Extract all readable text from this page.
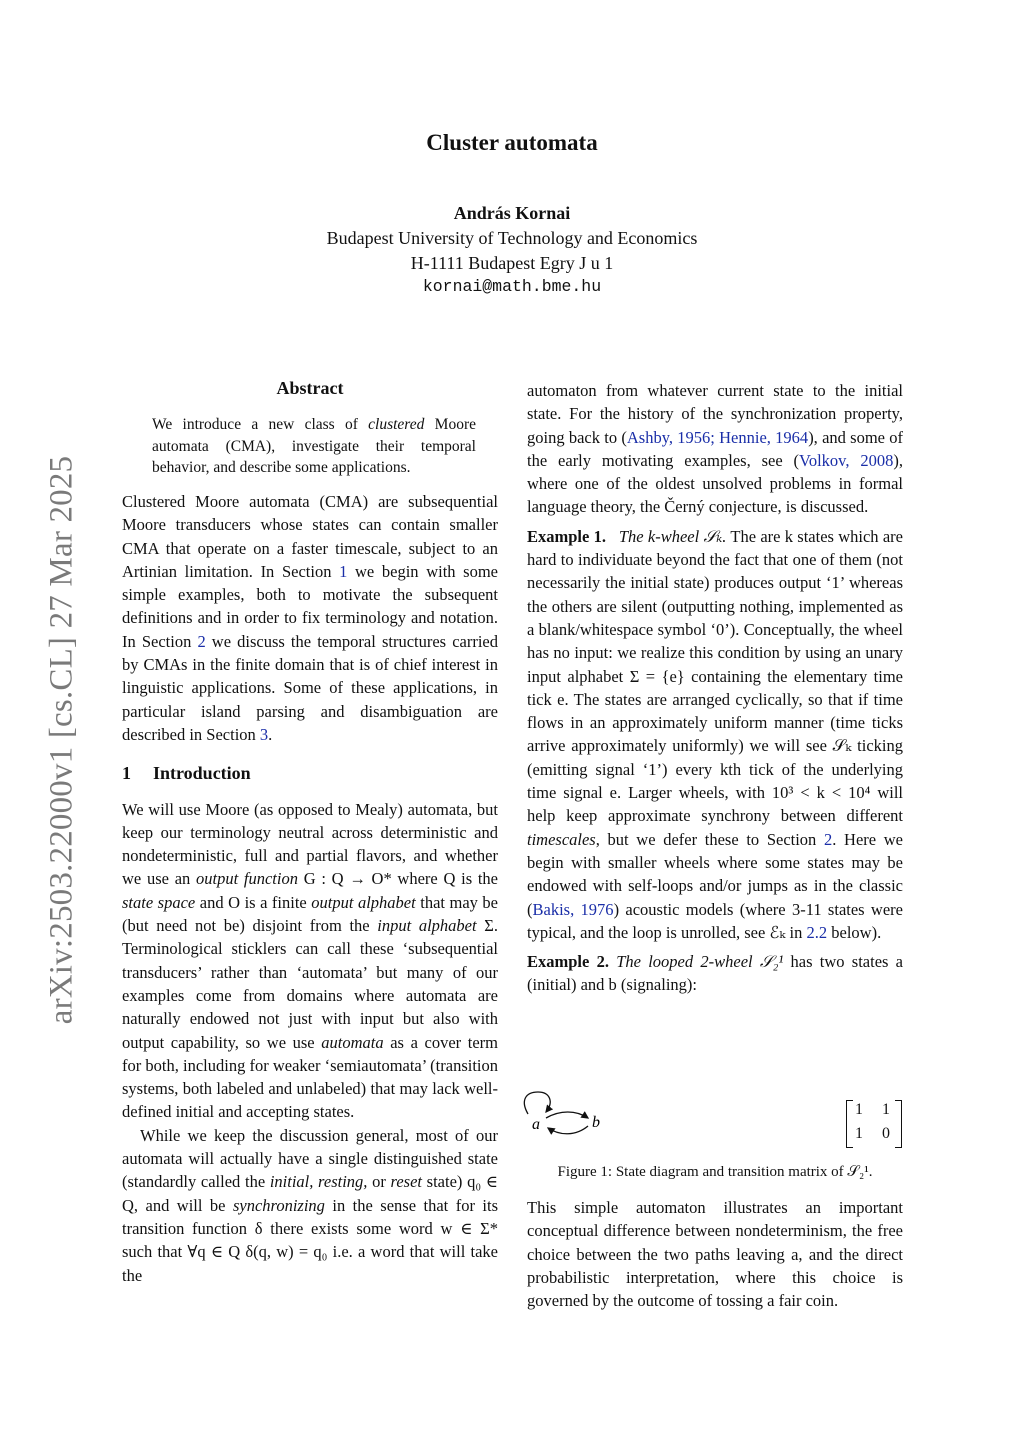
arXiv:2503.22000v1 [cs.CL] 27 Mar 2025
Cluster automata
András Kornai
Budapest University of Technology and Economics
H-1111 Budapest Egry J u 1
kornai@math.bme.hu
Abstract
We introduce a new class of clustered Moore automata (CMA), investigate their temporal behavior, and describe some applications.

Clustered Moore automata (CMA) are subsequential Moore transducers whose states can contain smaller CMA that operate on a faster timescale, subject to an Artinian limitation. In Section 1 we begin with some simple examples, both to motivate the subsequent definitions and in order to fix terminology and notation. In Section 2 we discuss the temporal structures carried by CMAs in the finite domain that is of chief interest in linguistic applications. Some of these applications, in particular island parsing and disambiguation are described in Section 3.

1 Introduction

We will use Moore (as opposed to Mealy) automata, but keep our terminology neutral across deterministic and nondeterministic, full and partial flavors, and whether we use an output function G : Q → O* where Q is the state space and O is a finite output alphabet that may be (but need not be) disjoint from the input alphabet Σ. Terminological sticklers can call these ‘subsequential transducers’ rather than ‘automata’ but many of our examples come from domains where automata are naturally endowed not just with input but also with output capability, so we use automata as a cover term for both, including for weaker ‘semiautomata’ (transition systems, both labeled and unlabeled) that may lack well-defined initial and accepting states.

While we keep the discussion general, most of our automata will actually have a single distinguished state (standardly called the initial, resting, or reset state) q₀ ∈ Q, and will be synchronizing in the sense that for its transition function δ there exists some word w ∈ Σ* such that ∀q ∈ Q δ(q, w) = q₀ i.e. a word that will take the

automaton from whatever current state to the initial state. For the history of the synchronization property, going back to (Ashby, 1956; Hennie, 1964), and some of the early motivating examples, see (Volkov, 2008), where one of the oldest unsolved problems in formal language theory, the Černý conjecture, is discussed.

Example 1. The k-wheel 𝒮ₖ. The are k states which are hard to individuate beyond the fact that one of them (not necessarily the initial state) produces output ‘1’ whereas the others are silent (outputting nothing, implemented as a blank/whitespace symbol ‘0’). Conceptually, the wheel has no input: we realize this condition by using an unary input alphabet Σ = {e} containing the elementary time tick e. The states are arranged cyclically, so that if time flows in an approximately uniform manner (time ticks arrive approximately uniformly) we will see 𝒮ₖ ticking (emitting signal ‘1’) every kth tick of the underlying time signal e. Larger wheels, with 10³ < k < 10⁴ will help keep approximate synchrony between different timescales, but we defer these to Section 2. Here we begin with smaller wheels where some states may be endowed with self-loops and/or jumps as in the classic (Bakis, 1976) acoustic models (where 3-11 states were typical, and the loop is unrolled, see ℰₖ in 2.2 below).

Example 2. The looped 2-wheel 𝒮₂¹ has two states a (initial) and b (signaling):

a	b
1 1
1 0
Figure 1: State diagram and transition matrix of 𝒮₂¹.

This simple automaton illustrates an important conceptual difference between nondeterminism, the free choice between the two paths leaving a, and the direct probabilistic interpretation, where this choice is governed by the outcome of tossing a fair coin.
